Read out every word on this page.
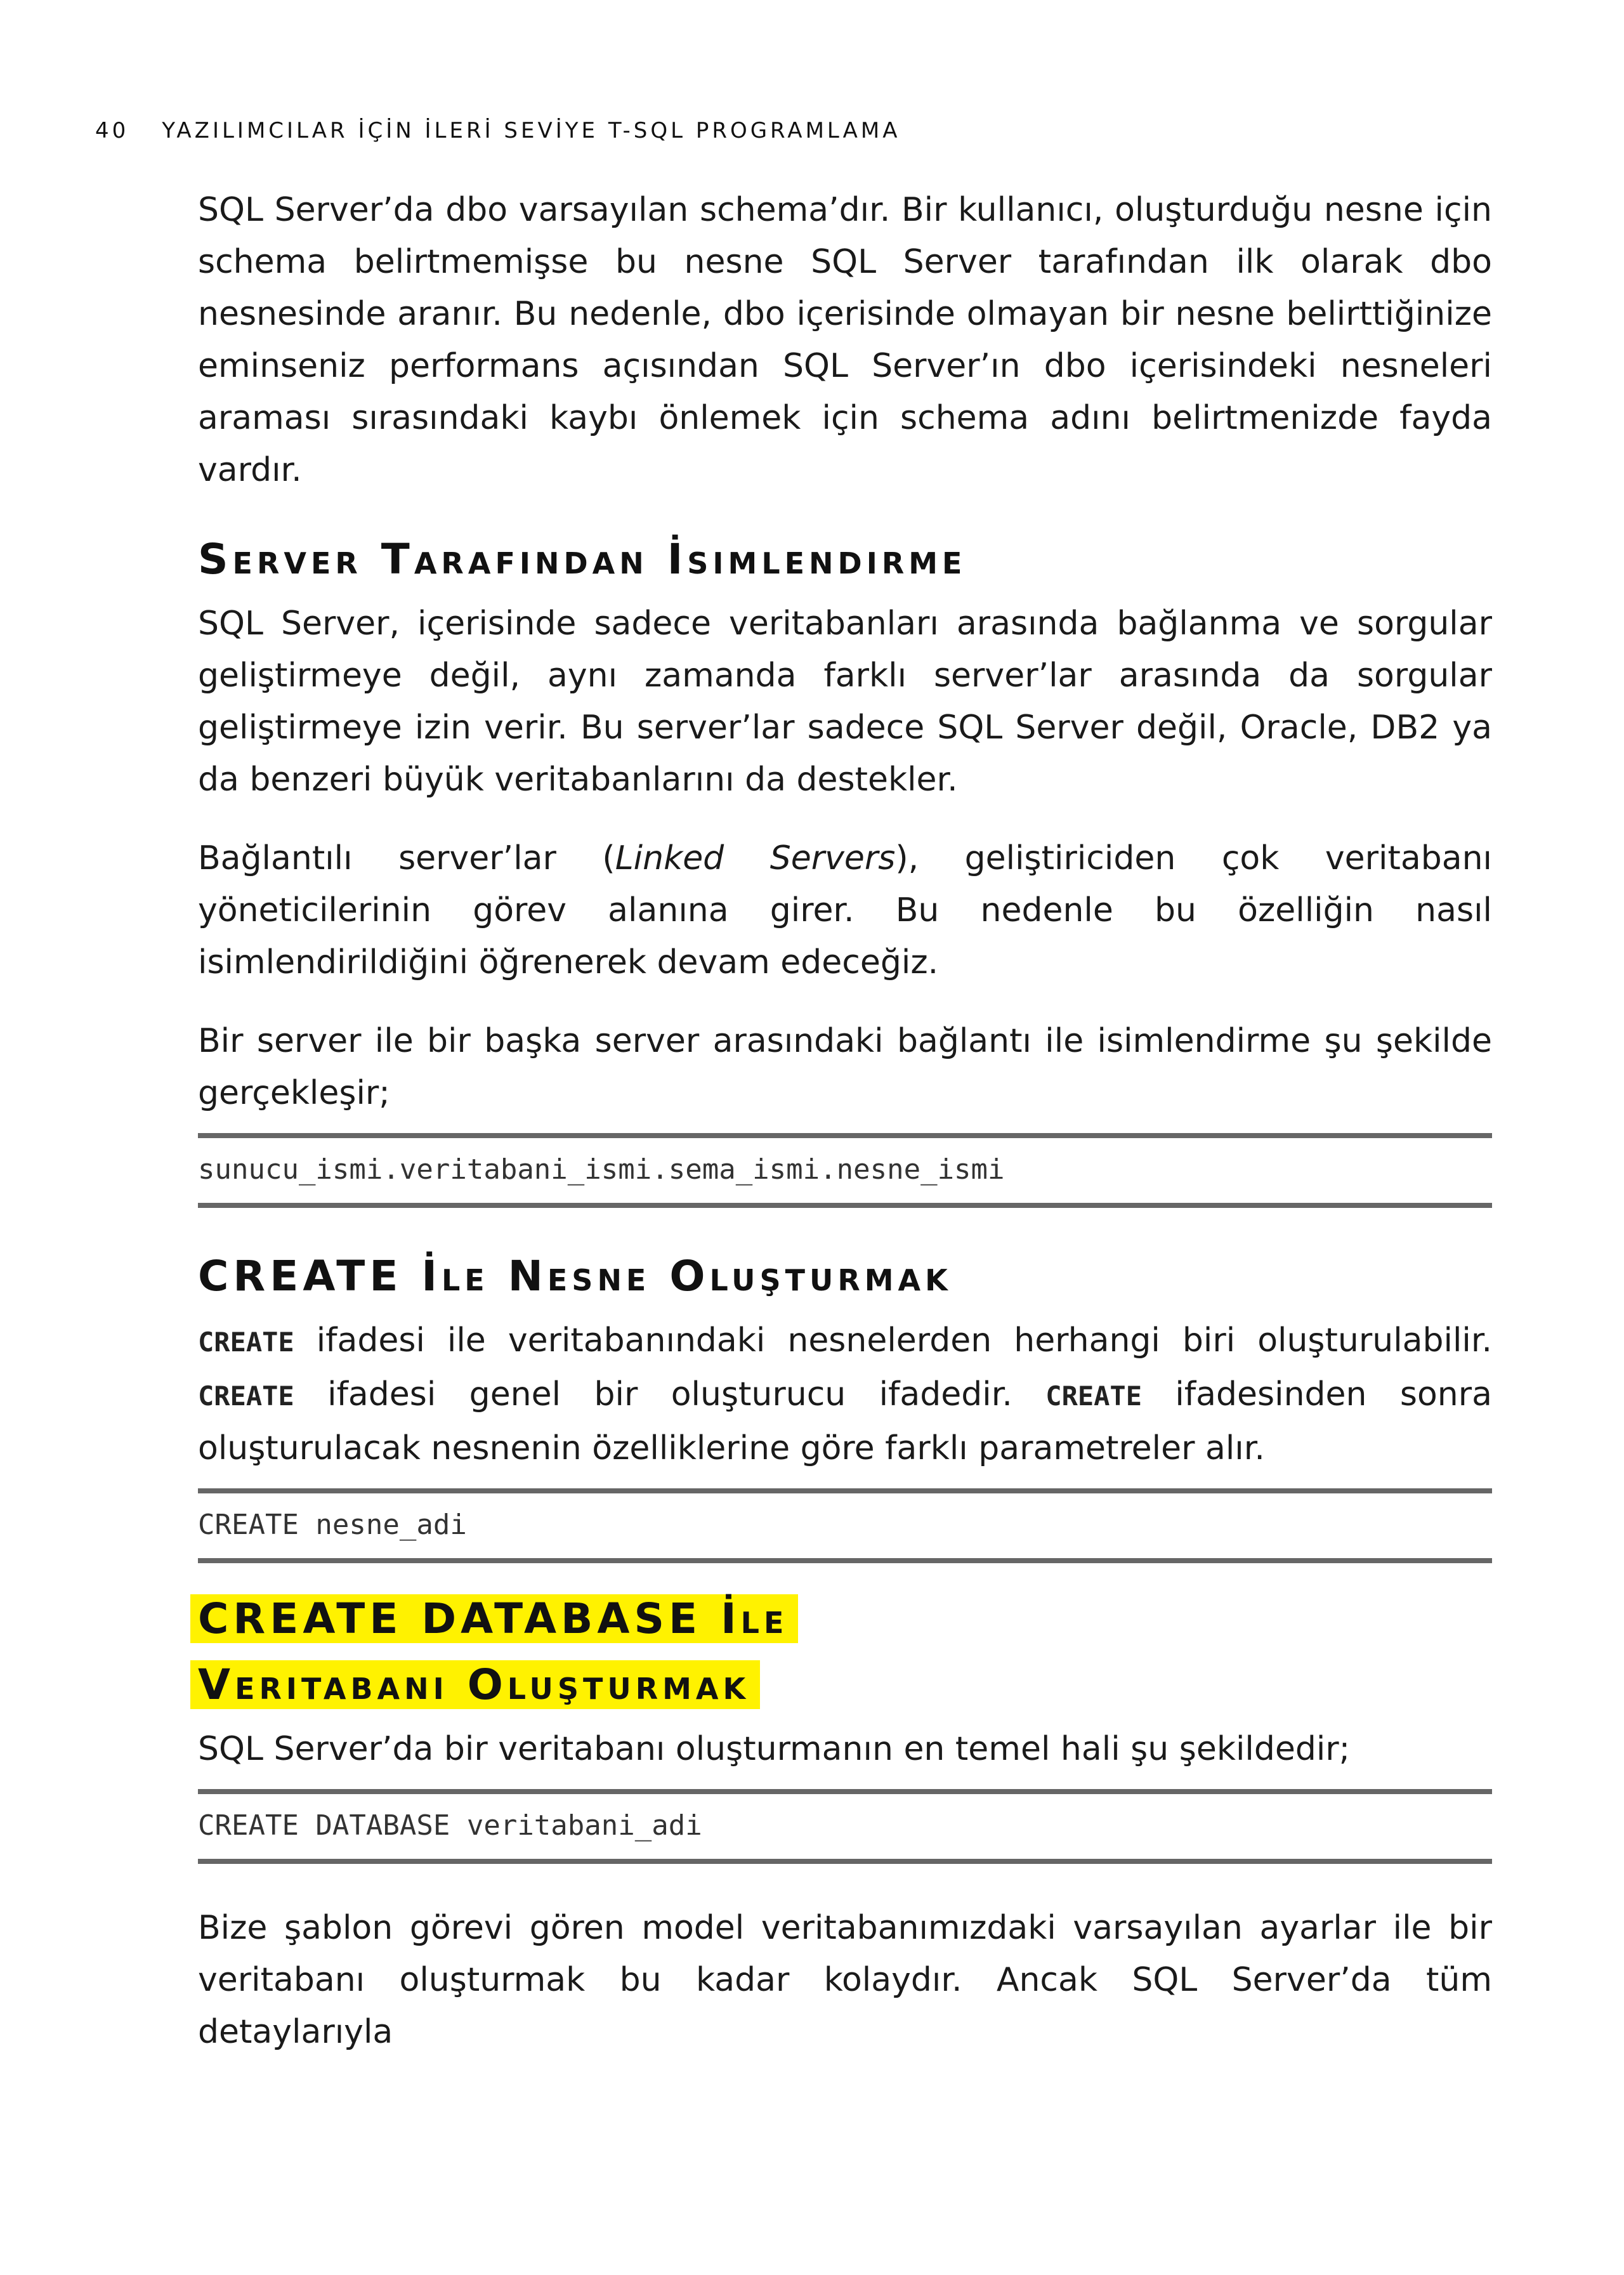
40 YAZILIMCILAR İÇİN İLERİ SEVİYE T-SQL PROGRAMLAMA

SQL Server’da dbo varsayılan schema’dır. Bir kullanıcı, oluşturduğu nesne için schema belirtmemişse bu nesne SQL Server tarafından ilk olarak dbo nesnesinde aranır. Bu nedenle, dbo içerisinde olmayan bir nesne belirttiğinize eminseniz performans açısından SQL Server’ın dbo içerisindeki nesneleri araması sırasındaki kaybı önlemek için schema adını belirtmenizde fayda vardır.

Server Tarafından İsimlendirme

SQL Server, içerisinde sadece veritabanları arasında bağlanma ve sorgular geliştirmeye değil, aynı zamanda farklı server’lar arasında da sorgular geliştirmeye izin verir. Bu server’lar sadece SQL Server değil, Oracle, DB2 ya da benzeri büyük veritabanlarını da destekler.

Bağlantılı server’lar (Linked Servers), geliştiriciden çok veritabanı yöneticilerinin görev alanına girer. Bu nedenle bu özelliğin nasıl isimlendirildiğini öğrenerek devam edeceğiz.

Bir server ile bir başka server arasındaki bağlantı ile isimlendirme şu şekilde gerçekleşir;

sunucu_ismi.veritabani_ismi.sema_ismi.nesne_ismi
CREATE İle Nesne Oluşturmak

CREATE ifadesi ile veritabanındaki nesnelerden herhangi biri oluşturulabilir. CREATE ifadesi genel bir oluşturucu ifadedir. CREATE ifadesinden sonra oluşturulacak nesnenin özelliklerine göre farklı parametreler alır.

CREATE nesne_adi
CREATE DATABASE İle
Veritabanı Oluşturmak

SQL Server’da bir veritabanı oluşturmanın en temel hali şu şekildedir;

CREATE DATABASE veritabani_adi

Bize şablon görevi gören model veritabanımızdaki varsayılan ayarlar ile bir veritabanı oluşturmak bu kadar kolaydır. Ancak SQL Server’da tüm detaylarıyla
